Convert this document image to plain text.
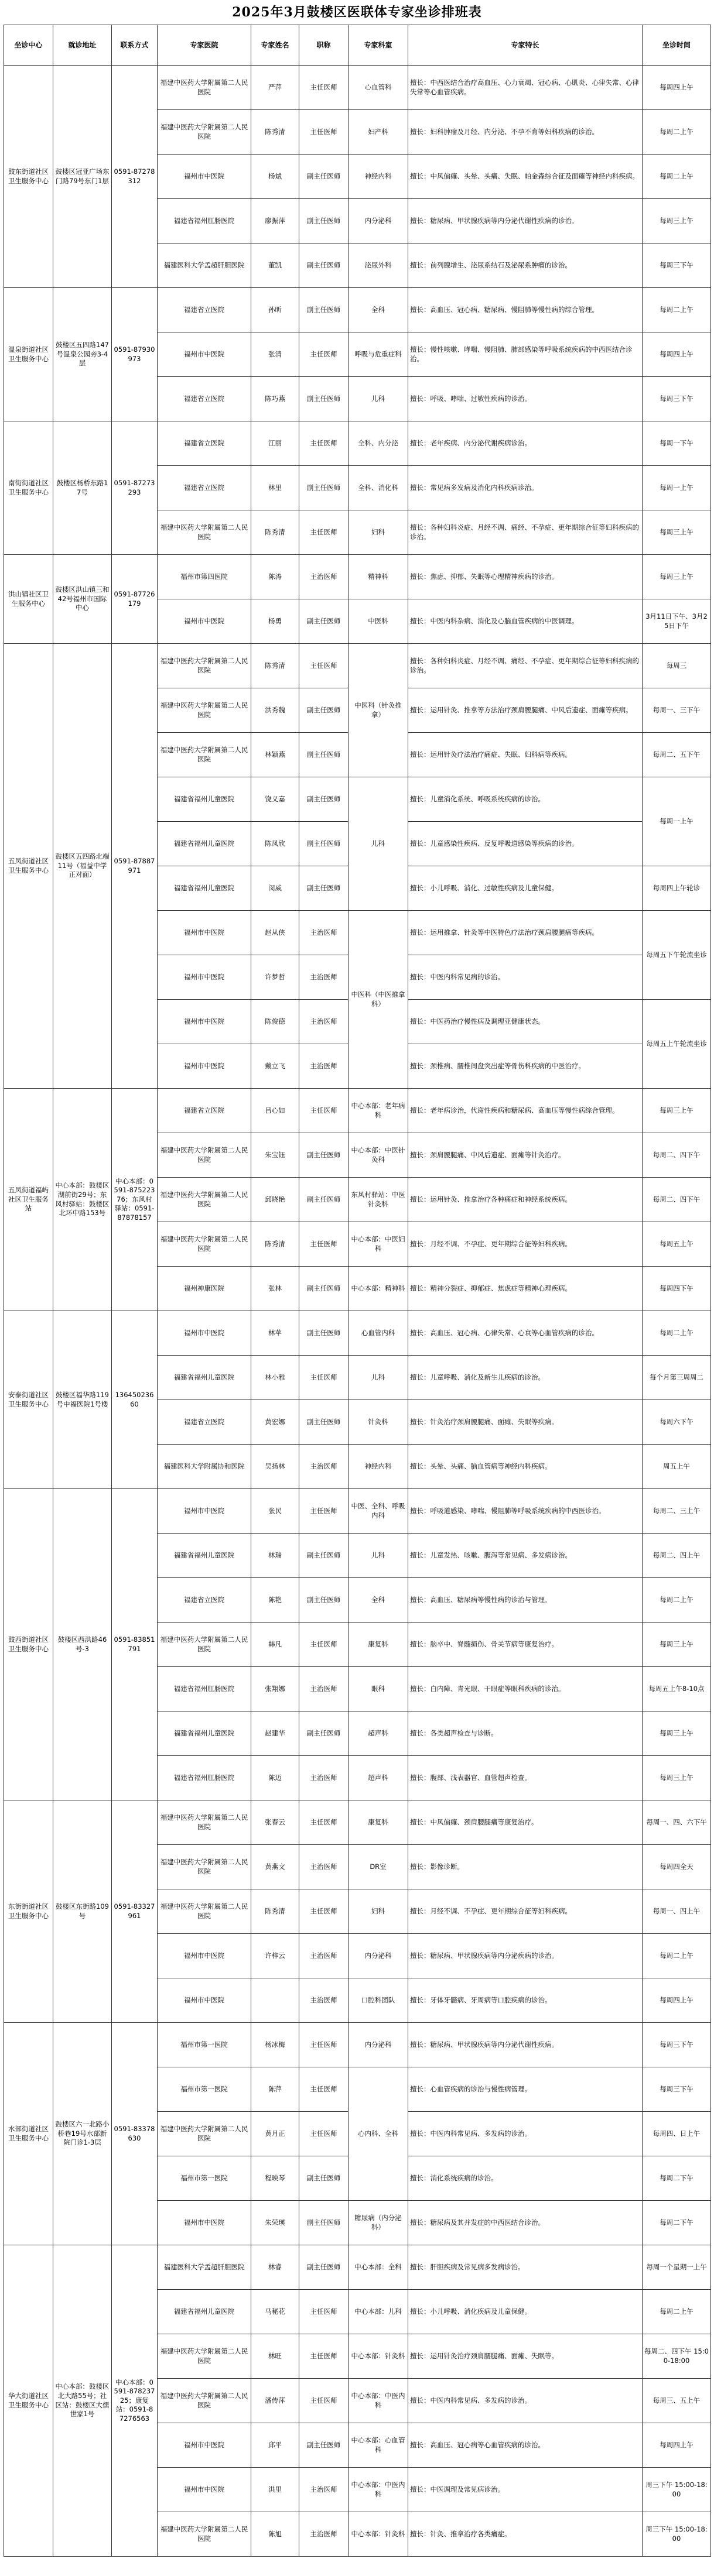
2025年3月鼓楼区医联体专家坐诊排班表
坐诊中心	就诊地址	联系方式	专家医院	专家姓名	职称	专家科室	专家特长	坐诊时间
鼓东街道社区卫生服务中心	鼓楼区冠亚广场东门路79号东门1层	0591-87278312	福建中医药大学附属第二人民医院	严萍	主任医师	心血管科	擅长：中西医结合治疗高血压、心力衰竭、冠心病、心肌炎、心律失常、心律失常等心血管疾病。	每周四上午
			福建中医药大学附属第二人民医院	陈秀清	主任医师	妇产科	擅长：妇科肿瘤及月经、内分泌、不孕不育等妇科疾病的诊治。	每周二上午
			福州市中医院	杨斌	副主任医师	神经内科	擅长：中风偏瘫、头晕、头痛、失眠、帕金森综合征及面瘫等神经内科疾病。	每周二上午
			福建省福州肛肠医院	廖振萍	副主任医师	内分泌科	擅长：糖尿病、甲状腺疾病等内分泌代谢性疾病的诊治。	每周三上午
			福建医科大学孟超肝胆医院	董凯	副主任医师	泌尿外科	擅长：前列腺增生、泌尿系结石及泌尿系肿瘤的诊治。	每周三下午
温泉街道社区卫生服务中心	鼓楼区五四路147号温泉公园旁3-4层	0591-87930973	福建省立医院	孙昕	副主任医师	全科	擅长：高血压、冠心病、糖尿病、慢阻肺等慢性病的综合管理。	每周二上午
			福州市中医院	张清	主任医师	呼吸与危重症科	擅长：慢性咳嗽、哮喘、慢阻肺、肺部感染等呼吸系统疾病的中西医结合诊治。	每周四上午
			福建省立医院	陈巧燕	副主任医师	儿科	擅长：呼吸、哮喘、过敏性疾病的诊治。	每周三下午
南街街道社区卫生服务中心	鼓楼区杨桥东路17号	0591-87273293	福建省立医院	江丽	主任医师	全科、内分泌	擅长：老年疾病、内分泌代谢疾病诊治。	每周一下午
			福建省立医院	林里	副主任医师	全科、消化科	擅长：常见病多发病及消化内科疾病诊治。	每周一上午
			福建中医药大学附属第二人民医院	陈秀清	主任医师	妇科	擅长：各种妇科炎症、月经不调、痛经、不孕症、更年期综合征等妇科疾病的诊治。	每周三上午
洪山镇社区卫生服务中心	鼓楼区洪山镇三和42号福州市国际中心	0591-87726179	福州市第四医院	陈涛	主治医师	精神科	擅长：焦虑、抑郁、失眠等心理精神疾病的诊治。	每周三上午
			福州市中医院	杨勇	副主任医师	中医科	擅长：中医内科杂病、消化及心脑血管疾病的中医调理。	3月11日下午、3月25日下午
五凤街道社区卫生服务中心	鼓楼区五四路北端11号（福益中学正对面）	0591-87887971	福建中医药大学附属第二人民医院	陈秀清	主任医师	中医科（针灸推拿）	擅长：各种妇科炎症、月经不调、痛经、不孕症、更年期综合征等妇科疾病的诊治。	每周三
			福建中医药大学附属第二人民医院	洪秀魏	副主任医师		擅长：运用针灸、推拿等方法治疗颈肩腰腿痛、中风后遗症、面瘫等疾病。	每周一、三下午
			福建中医药大学附属第二人民医院	林颖燕	副主任医师		擅长：运用针灸疗法治疗痛症、失眠、妇科病等疾病。	每周二、五下午
			福建省福州儿童医院	饶义嘉	副主任医师	儿科	擅长：儿童消化系统、呼吸系统疾病的诊治。	每周一上午
			福建省福州儿童医院	陈凤欣	副主任医师		擅长：儿童感染性疾病、反复呼吸道感染等疾病的诊治。	
			福建省福州儿童医院	闵威	副主任医师		擅长：小儿呼吸、消化、过敏性疾病及儿童保健。	每周四上午轮诊
			福州市中医院	赵从侠	主治医师	中医科（中医推拿科）	擅长：运用推拿、针灸等中医特色疗法治疗颈肩腰腿痛等疾病。	每周五下午轮流坐诊
			福州市中医院	许梦哲	主治医师		擅长：中医内科常见病的诊治。	
			福州市中医院	陈俊德	主治医师		擅长：中医药治疗慢性病及调理亚健康状态。	每周五上午轮流坐诊
			福州市中医院	戴立飞	主治医师		擅长：颈椎病、腰椎间盘突出症等骨伤科疾病的中医治疗。	
五凤街道福屿社区卫生服务站	中心本部：鼓楼区湖前街29号；东风村驿站：鼓楼区北环中路153号	中心本部：0591-87522376；东风村驿站：0591-87878157	福建省立医院	吕心如	主任医师	中心本部：老年病科	擅长：老年病诊治，代谢性疾病和糖尿病、高血压等慢性病综合管理。	每周三上午
			福建中医药大学附属第二人民医院	朱宝钰	副主任医师	中心本部：中医针灸科	擅长：颈肩腰腿痛、中风后遗症、面瘫等针灸治疗。	每周二、四下午
			福建中医药大学附属第二人民医院	邱晓艳	副主任医师	东风村驿站：中医针灸科	擅长：运用针灸、推拿治疗各种痛症和神经系统疾病。	每周二、四下午
			福建中医药大学附属第二人民医院	陈秀清	主任医师	中心本部：中医妇科	擅长：月经不调、不孕症、更年期综合征等妇科疾病。	每周五上午
			福州神康医院	张林	副主任医师	中心本部：精神科	擅长：精神分裂症、抑郁症、焦虑症等精神心理疾病。	每周四下午
安泰街道社区卫生服务中心	鼓楼区福华路119号中福医院1号楼	13645023660	福州市中医院	林苹	副主任医师	心血管内科	擅长：高血压、冠心病、心律失常、心衰等心血管疾病的诊治。	每周二上午
			福建省福州儿童医院	林小雅	主任医师	儿科	擅长：儿童呼吸、消化及新生儿疾病的诊治。	每个月第三周周二
			福建省立医院	黄宏娜	副主任医师	针灸科	擅长：针灸治疗颈肩腰腿痛、面瘫、失眠等疾病。	每周六下午
			福建医科大学附属协和医院	吴扬林	主治医师	神经内科	擅长：头晕、头痛、脑血管病等神经内科疾病。	周五上午
鼓西街道社区卫生服务中心	鼓楼区西洪路46号-3	0591-83851791	福州市中医院	张民	主任医师	中医、全科、呼吸内科	擅长：呼吸道感染、哮喘、慢阻肺等呼吸系统疾病的中西医诊治。	每周二、三上午
			福建省福州儿童医院	林瑞	副主任医师	儿科	擅长：儿童发热、咳嗽、腹泻等常见病、多发病诊治。	每周二、四上午
			福建省立医院	陈艳	副主任医师	全科	擅长：高血压、糖尿病等慢性病的诊治与管理。	每周二上午
			福建中医药大学附属第二人民医院	韩凡	主任医师	康复科	擅长：脑卒中、脊髓损伤、骨关节病等康复治疗。	每周三上午
			福建省福州肛肠医院	张翔娜	主治医师	眼科	擅长：白内障、青光眼、干眼症等眼科疾病的诊治。	每周五上午8-10点
			福建省福州儿童医院	赵建华	副主任医师	超声科	擅长：各类超声检查与诊断。	每周三上午
			福建省福州肛肠医院	陈迈	主治医师	超声科	擅长：腹部、浅表器官、血管超声检查。	每周三上午
东街街道社区卫生服务中心	鼓楼区东街路109号	0591-83327961	福建中医药大学附属第二人民医院	张春云	主任医师	康复科	擅长：中风偏瘫、颈肩腰腿痛等康复治疗。	每周一、四、六下午
			福建中医药大学附属第二人民医院	黄燕文	主治医师	DR室	擅长：影像诊断。	每周四全天
			福建中医药大学附属第二人民医院	陈秀清	主任医师	妇科	擅长：月经不调、不孕症、更年期综合征等妇科疾病。	每周一、四上午
			福州市中医院	许梓云	主治医师	内分泌科	擅长：糖尿病、甲状腺疾病等内分泌疾病的诊治。	每周二上午
			福州市中医院		主治医师	口腔科团队	擅长：牙体牙髓病、牙周病等口腔疾病的诊治。	每周四上午
水部街道社区卫生服务中心	鼓楼区六一北路小桥巷19号水部新院门诊1-3层	0591-83378630	福州市第一医院	杨冰梅	主任医师	内分泌科	擅长：糖尿病、甲状腺疾病等内分泌代谢性疾病。	每周三下午
			福州市第一医院	陈萍	主任医师	心内科、全科	擅长：心血管疾病的诊治与慢性病管理。	每周三下午
			福建中医药大学附属第二人民医院	黄月正	主任医师		擅长：中医内科常见病、多发病的诊治。	每周四、日上午
			福州市第一医院	程映琴	副主任医师		擅长：消化系统疾病的诊治。	每周二下午
			福州市中医院	朱荣瑛	副主任医师	糖尿病（内分泌科）	擅长：糖尿病及其并发症的中西医结合诊治。	每周二下午
华大街道社区卫生服务中心	中心本部：鼓楼区北大路55号；社区站：鼓楼区大儒世家1号	中心本部：0591-87823725；康复站：0591-87276563	福建医科大学孟超肝胆医院	林睿	副主任医师	中心本部：全科	擅长：肝胆疾病及常见病多发病诊治。	每周一个星期一上午
			福建省福州儿童医院	马秘花	主任医师	中心本部：儿科	擅长：小儿呼吸、消化疾病及儿童保健。	每周二上午
			福建中医药大学附属第二人民医院	林旺	主任医师	中心本部：针灸科	擅长：运用针灸治疗颈肩腰腿痛、面瘫、失眠等。	每周二、四下午 15:00-18:00
			福建中医药大学附属第二人民医院	潘传萍	主任医师	中心本部：中医内科	擅长：中医内科常见病、多发病的诊治。	每周三、五上午
			福州市中医院	邱平	副主任医师	中心本部：心血管科	擅长：高血压、冠心病等心血管疾病的诊治。	每周四上午
			福州市中医院	洪里	主治医师	中心本部：中医内科	擅长：中医调理及常见病诊治。	周三下午 15:00-18:00
			福建中医药大学附属第二人民医院	陈旭	主治医师	中心本部：针灸科	擅长：针灸、推拿治疗各类痛症。	周三下午 15:00-18:00
